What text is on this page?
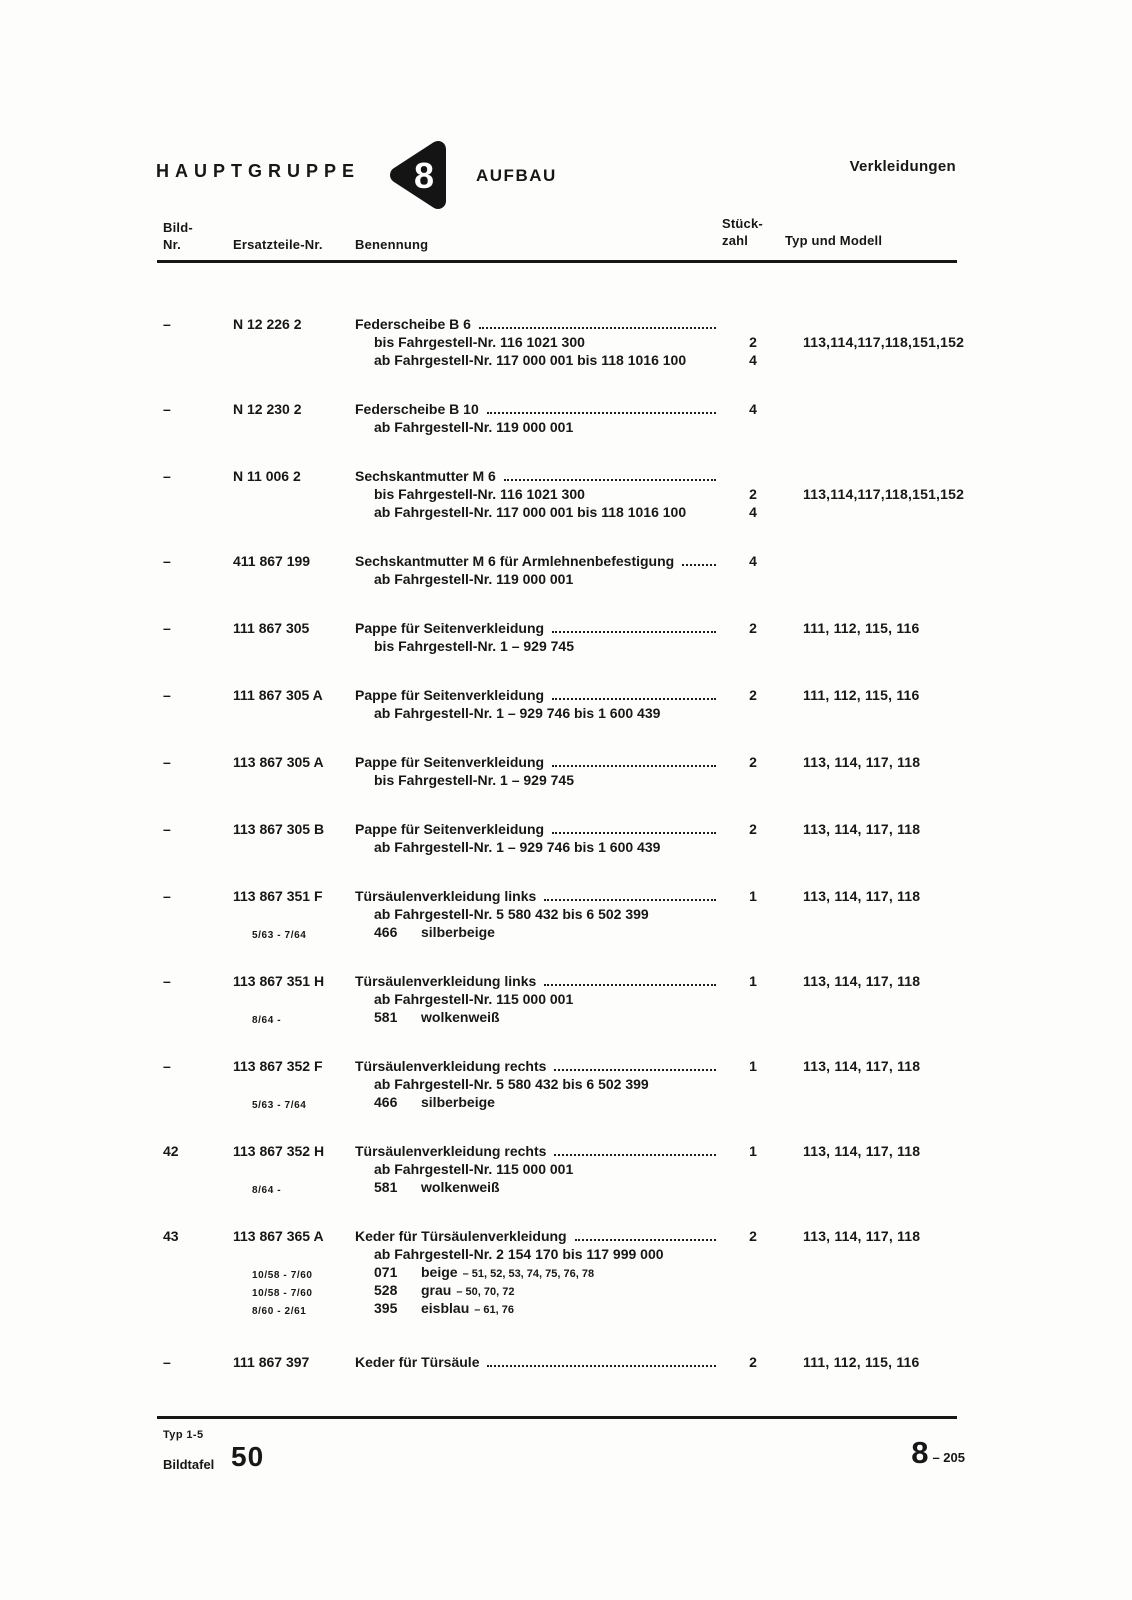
HAUPTGRUPPE 8 AUFBAU	Verkleidungen
Bild-
Nr.	Ersatzteile-Nr. Benennung
Stück-
zahl	Typ und Modell
–	N 12 226 2	Federscheibe B 6
bis Fahrgestell-Nr. 116 1021 300	2	113,114,117,118,151,152
ab Fahrgestell-Nr. 117 000 001 bis 118 1016 100	4
–	N 12 230 2	Federscheibe B 10	4
ab Fahrgestell-Nr. 119 000 001
–	N 11 006 2	Sechskantmutter M 6
bis Fahrgestell-Nr. 116 1021 300	2	113,114,117,118,151,152
ab Fahrgestell-Nr. 117 000 001 bis 118 1016 100	4
–	411 867 199	Sechskantmutter M 6 für Armlehnenbefestigung	4
ab Fahrgestell-Nr. 119 000 001
–	111 867 305	Pappe für Seitenverkleidung	2	111, 112, 115, 116
bis Fahrgestell-Nr. 1 – 929 745
–	111 867 305 A Pappe für Seitenverkleidung	2	111, 112, 115, 116
ab Fahrgestell-Nr. 1 – 929 746 bis 1 600 439
–	113 867 305 A Pappe für Seitenverkleidung	2	113, 114, 117, 118
bis Fahrgestell-Nr. 1 – 929 745
–	113 867 305 B Pappe für Seitenverkleidung	2	113, 114, 117, 118
ab Fahrgestell-Nr. 1 – 929 746 bis 1 600 439
–	113 867 351 F Türsäulenverkleidung links	1	113, 114, 117, 118
ab Fahrgestell-Nr. 5 580 432 bis 6 502 399
5/63 - 7/64	466	silberbeige
–	113 867 351 H Türsäulenverkleidung links	1	113, 114, 117, 118
ab Fahrgestell-Nr. 115 000 001
8/64 -	581	wolkenweiß
–	113 867 352 F Türsäulenverkleidung rechts	1	113, 114, 117, 118
ab Fahrgestell-Nr. 5 580 432 bis 6 502 399
5/63 - 7/64	466	silberbeige
42	113 867 352 H Türsäulenverkleidung rechts	1	113, 114, 117, 118
ab Fahrgestell-Nr. 115 000 001
8/64 -	581	wolkenweiß
43	113 867 365 A Keder für Türsäulenverkleidung	2	113, 114, 117, 118
ab Fahrgestell-Nr. 2 154 170 bis 117 999 000
10/58 - 7/60	071	beige – 51, 52, 53, 74, 75, 76, 78
10/58 - 7/60	528	grau – 50, 70, 72
8/60 - 2/61	395	eisblau – 61, 76
–	111 867 397	Keder für Türsäule	2	111, 112, 115, 116
Typ 1-5
Bildtafel 50	8 – 205
